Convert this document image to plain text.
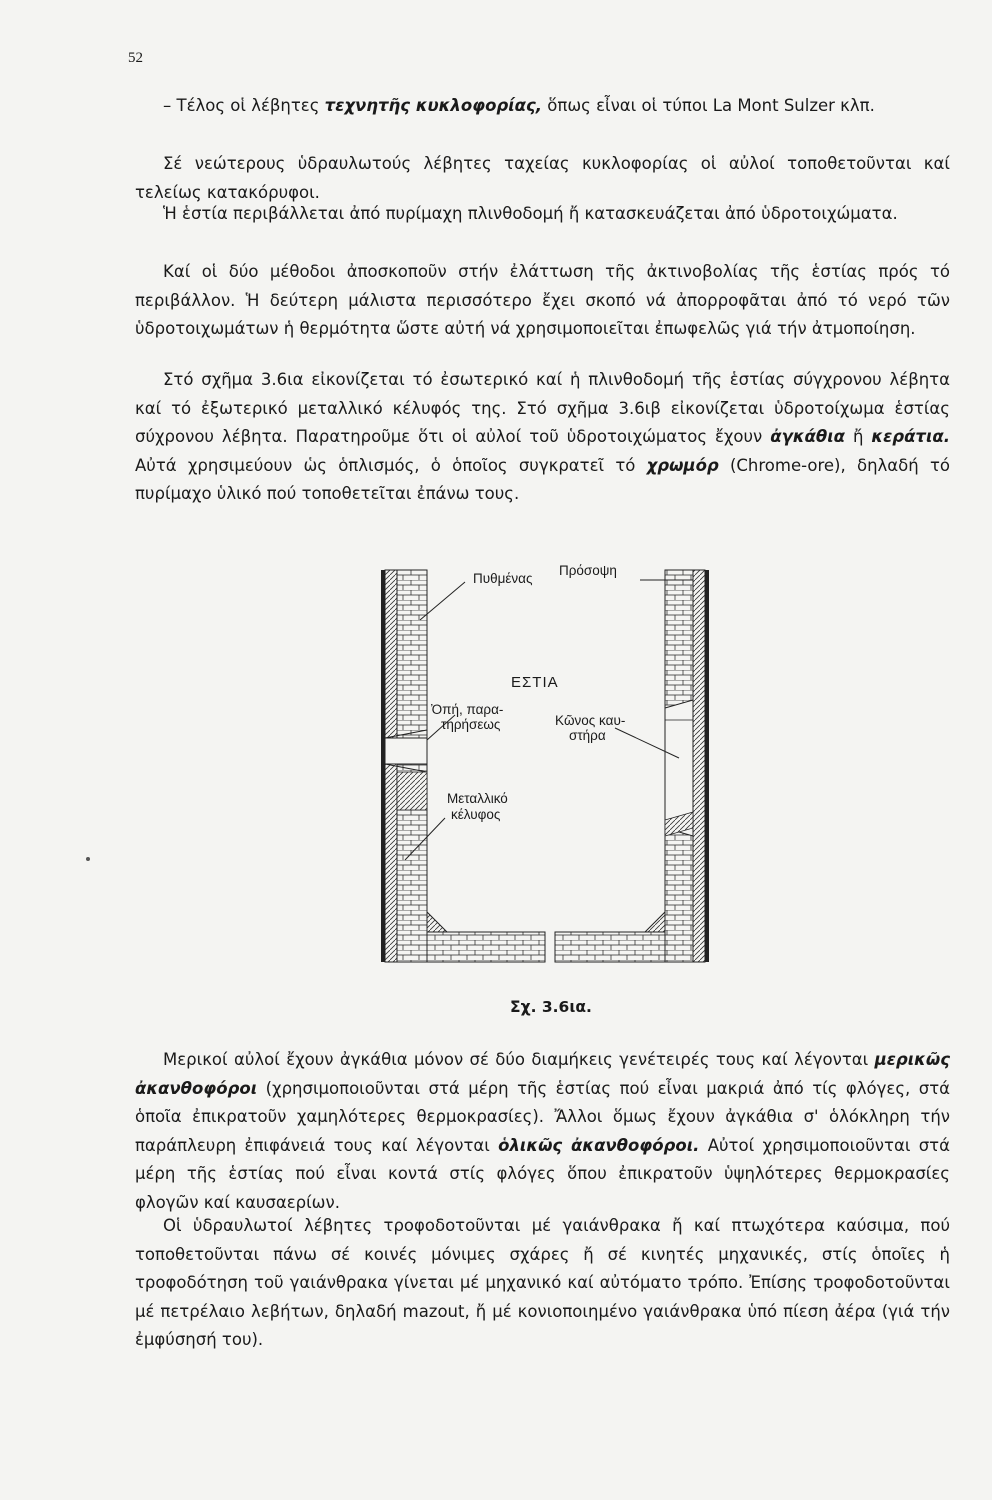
52
– Τέλος οἱ λέβητες τεχνητῆς κυκλοφορίας, ὅπως εἶναι οἱ τύποι La Mont Sulzer κλπ.
Σέ νεώτερους ὑδραυλωτούς λέβητες ταχείας κυκλοφορίας οἱ αὐλοί τοποθετοῦνται καί τελείως κατακόρυφοι.
Ἡ ἑστία περιβάλλεται ἀπό πυρίμαχη πλινθοδομή ἤ κατασκευάζεται ἀπό ὑδροτοιχώματα.
Καί οἱ δύο μέθοδοι ἀποσκοποῦν στήν ἐλάττωση τῆς ἀκτινοβολίας τῆς ἑστίας πρός τό περιβάλλον. Ἡ δεύτερη μάλιστα περισσότερο ἔχει σκοπό νά ἀπορροφᾶται ἀπό τό νερό τῶν ὑδροτοιχωμάτων ἡ θερμότητα ὥστε αὐτή νά χρησιμοποιεῖται ἐπωφελῶς γιά τήν ἀτμοποίηση.
Στό σχῆμα 3.6ια εἰκονίζεται τό ἐσωτερικό καί ἡ πλινθοδομή τῆς ἑστίας σύγχρονου λέβητα καί τό ἐξωτερικό μεταλλικό κέλυφός της. Στό σχῆμα 3.6ιβ εἰκονίζεται ὑδροτοίχωμα ἑστίας σύχρονου λέβητα. Παρατηροῦμε ὅτι οἱ αὐλοί τοῦ ὑδροτοιχώματος ἔχουν ἀγκάθια ἤ κεράτια. Αὐτά χρησιμεύουν ὡς ὁπλισμός, ὁ ὁποῖος συγκρατεῖ τό χρωμόρ (Chrome-ore), δηλαδή τό πυρίμαχο ὑλικό πού τοποθετεῖται ἐπάνω τους.
Πυθμένας
Πρόσοψη
ΕΣΤΙΑ
Ὀπή, παρα-
τηρήσεως	Κῶνος καυ-
στήρα
Μεταλλικό
κέλυφος
Σχ. 3.6ια.
Μερικοί αὐλοί ἔχουν ἀγκάθια μόνον σέ δύο διαμήκεις γενέτειρές τους καί λέγονται μερικῶς ἀκανθοφόροι (χρησιμοποιοῦνται στά μέρη τῆς ἑστίας πού εἶναι μακριά ἀπό τίς φλόγες, στά ὁποῖα ἐπικρατοῦν χαμηλότερες θερμοκρασίες). Ἄλλοι ὅμως ἔχουν ἀγκάθια σ' ὁλόκληρη τήν παράπλευρη ἐπιφάνειά τους καί λέγονται ὁλικῶς ἀκανθοφόροι. Αὐτοί χρησιμοποιοῦνται στά μέρη τῆς ἑστίας πού εἶναι κοντά στίς φλόγες ὅπου ἐπικρατοῦν ὑψηλότερες θερμοκρασίες φλογῶν καί καυσαερίων.
Οἱ ὑδραυλωτοί λέβητες τροφοδοτοῦνται μέ γαιάνθρακα ἤ καί πτωχότερα καύσιμα, πού τοποθετοῦνται πάνω σέ κοινές μόνιμες σχάρες ἤ σέ κινητές μηχανικές, στίς ὁποῖες ἡ τροφοδότηση τοῦ γαιάνθρακα γίνεται μέ μηχανικό καί αὐτόματο τρόπο. Ἐπίσης τροφοδοτοῦνται μέ πετρέλαιο λεβήτων, δηλαδή mazout, ἤ μέ κονιοποιημένο γαιάνθρακα ὑπό πίεση ἀέρα (γιά τήν ἐμφύσησή του).
